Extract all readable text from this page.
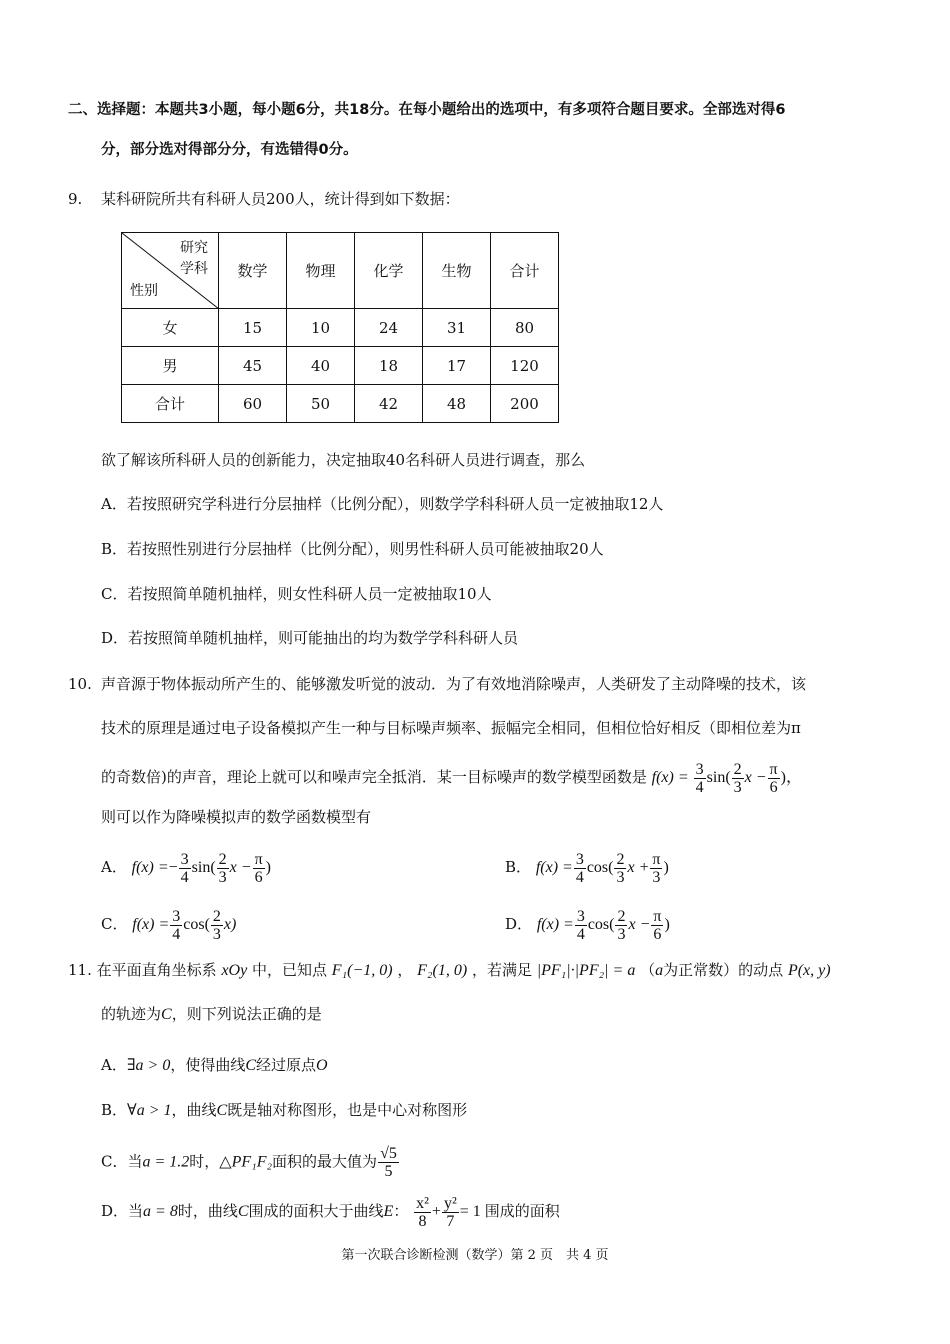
二、选择题：本题共3小题，每小题6分，共18分。在每小题给出的选项中，有多项符合题目要求。全部选对得6
分，部分选对得部分分，有选错得0分。
9. 某科研院所共有科研人员200人，统计得到如下数据：
研究
学科
性别	数学	物理	化学	生物	合计
女	15	10	24	31	80
男	45	40	18	17	120
合计	60	50	42	48	200
欲了解该所科研人员的创新能力，决定抽取40名科研人员进行调查，那么
A．若按照研究学科进行分层抽样（比例分配），则数学学科科研人员一定被抽取12人
B．若按照性别进行分层抽样（比例分配），则男性科研人员可能被抽取20人
C．若按照简单随机抽样，则女性科研人员一定被抽取10人
D．若按照简单随机抽样，则可能抽出的均为数学学科科研人员
10. 声音源于物体振动所产生的、能够激发听觉的波动．为了有效地消除噪声，人类研发了主动降噪的技术，该
技术的原理是通过电子设备模拟产生一种与目标噪声频率、振幅完全相同，但相位恰好相反（即相位差为π
的奇数倍)的声音，理论上就可以和噪声完全抵消．某一目标噪声的数学模型函数是 $f(x) = \frac{3}{4} \sin( \frac{2}{3}$ $x - \frac{\pi}{6}$ )，
则可以作为降噪模拟声的数学函数模型有
A． $f(x) =- \frac{3}{4} \sin( \frac{2}{3}$ $x - \frac{\pi}{6}$ )	B． $f(x) = \frac{3}{4} \cos( \frac{2}{3}$ $x + \frac{\pi}{3}$ )
C． $f(x) = \frac{3}{4} \cos( \frac{2}{3} x)$	D． $f(x) = \frac{3}{4} \cos( \frac{2}{3}$ $x - \frac{\pi}{6}$ )
11. 在平面直角坐标系 xOy 中，已知点 F₁(−1, 0) ， F₂(1, 0) ，若满足 |PF₁|·|PF₂| = a （a为正常数）的动点 P(x, y)
的轨迹为C，则下列说法正确的是
A．∃a > 0，使得曲线C经过原点O
B．∀a > 1，曲线C既是轴对称图形，也是中心对称图形
C．当a = 1.2时，△PF₁F₂面积的最大值为 $\frac{√5}{5}$
D．当a = 8时，曲线C围成的面积大于曲线E： $\frac{\text{x²}}{8} + \frac{\text{y²}}{7} = 1$ 围成的面积
第一次联合诊断检测（数学）第 2 页　共 4 页
